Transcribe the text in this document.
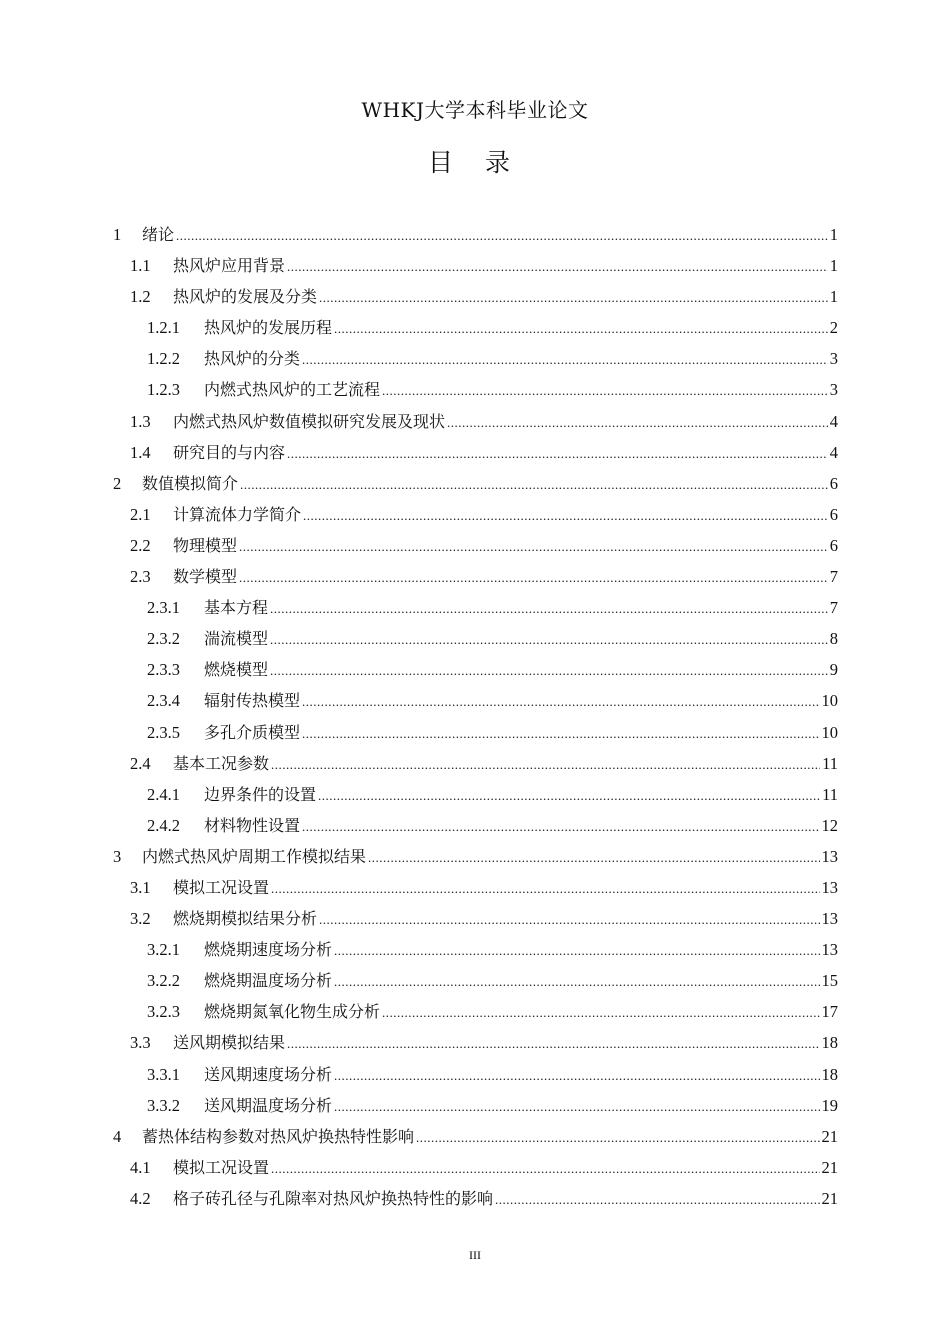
WHKJ大学本科毕业论文
目 录
1	绪论 .....	1
1.1	热风炉应用背景 .....	1
1.2	热风炉的发展及分类 .....	1
1.2.1	热风炉的发展历程 .....	2
1.2.2	热风炉的分类 .....	3
1.2.3	内燃式热风炉的工艺流程 .....	3
1.3	内燃式热风炉数值模拟研究发展及现状 .....	4
1.4	研究目的与内容 .....	4
2	数值模拟简介 .....	6
2.1	计算流体力学简介 .....	6
2.2	物理模型 .....	6
2.3	数学模型 .....	7
2.3.1	基本方程 .....	7
2.3.2	湍流模型 .....	8
2.3.3	燃烧模型 .....	9
2.3.4	辐射传热模型 .....	10
2.3.5	多孔介质模型 .....	10
2.4	基本工况参数 .....	11
2.4.1	边界条件的设置 .....	11
2.4.2	材料物性设置 .....	12
3	内燃式热风炉周期工作模拟结果 .....	13
3.1	模拟工况设置 .....	13
3.2	燃烧期模拟结果分析 .....	13
3.2.1	燃烧期速度场分析 .....	13
3.2.2	燃烧期温度场分析 .....	15
3.2.3	燃烧期氮氧化物生成分析 .....	17
3.3	送风期模拟结果 .....	18
3.3.1	送风期速度场分析 .....	18
3.3.2	送风期温度场分析 .....	19
4	蓄热体结构参数对热风炉换热特性影响 .....	21
4.1	模拟工况设置 .....	21
4.2	格子砖孔径与孔隙率对热风炉换热特性的影响 .....	21
III
